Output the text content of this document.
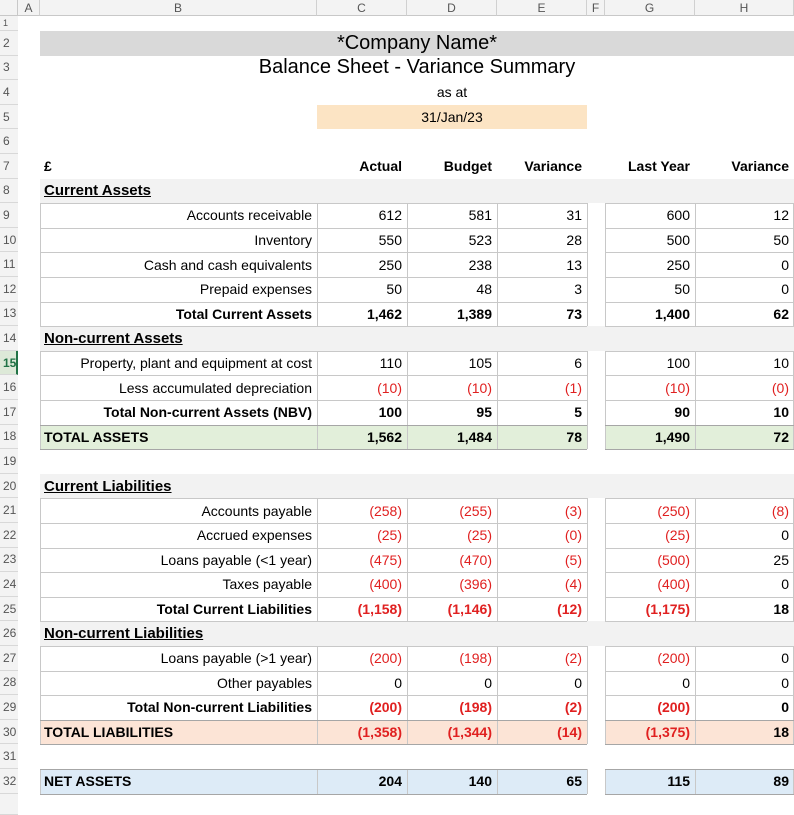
A	B	C	D	E	F	G	H
1
2
3
4
5
6
7
8
9
10
11
12
13
14
15
16
17
18
19
20
21
22
23
24
25
26
27
28
29
30
31
32
*Company Name*
Balance Sheet - Variance Summary
as at
31/Jan/23
£	Actual	Budget	Variance	Last Year	Variance
Current Assets
Non-current Assets
Current Liabilities
Non-current Liabilities
Accounts receivable	612	581	31	600	12
Inventory	550	523	28	500	50
Cash and cash equivalents	250	238	13	250	0
Prepaid expenses	50	48	3	50	0
Total Current Assets	1,462	1,389	73	1,400	62
Property, plant and equipment at cost	110	105	6	100	10
Less accumulated depreciation	(10)	(10)	(1)	(10)	(0)
Total Non-current Assets (NBV)	100	95	5	90	10
TOTAL ASSETS	1,562	1,484	78	1,490	72
Accounts payable	(258)	(255)	(3)	(250)	(8)
Accrued expenses	(25)	(25)	(0)	(25)	0
Loans payable (<1 year)	(475)	(470)	(5)	(500)	25
Taxes payable	(400)	(396)	(4)	(400)	0
Total Current Liabilities	(1,158)	(1,146)	(12)	(1,175)	18
Loans payable (>1 year)	(200)	(198)	(2)	(200)	0
Other payables	0	0	0	0	0
Total Non-current Liabilities	(200)	(198)	(2)	(200)	0
TOTAL LIABILITIES	(1,358)	(1,344)	(14)	(1,375)	18
NET ASSETS	204	140	65	115	89
